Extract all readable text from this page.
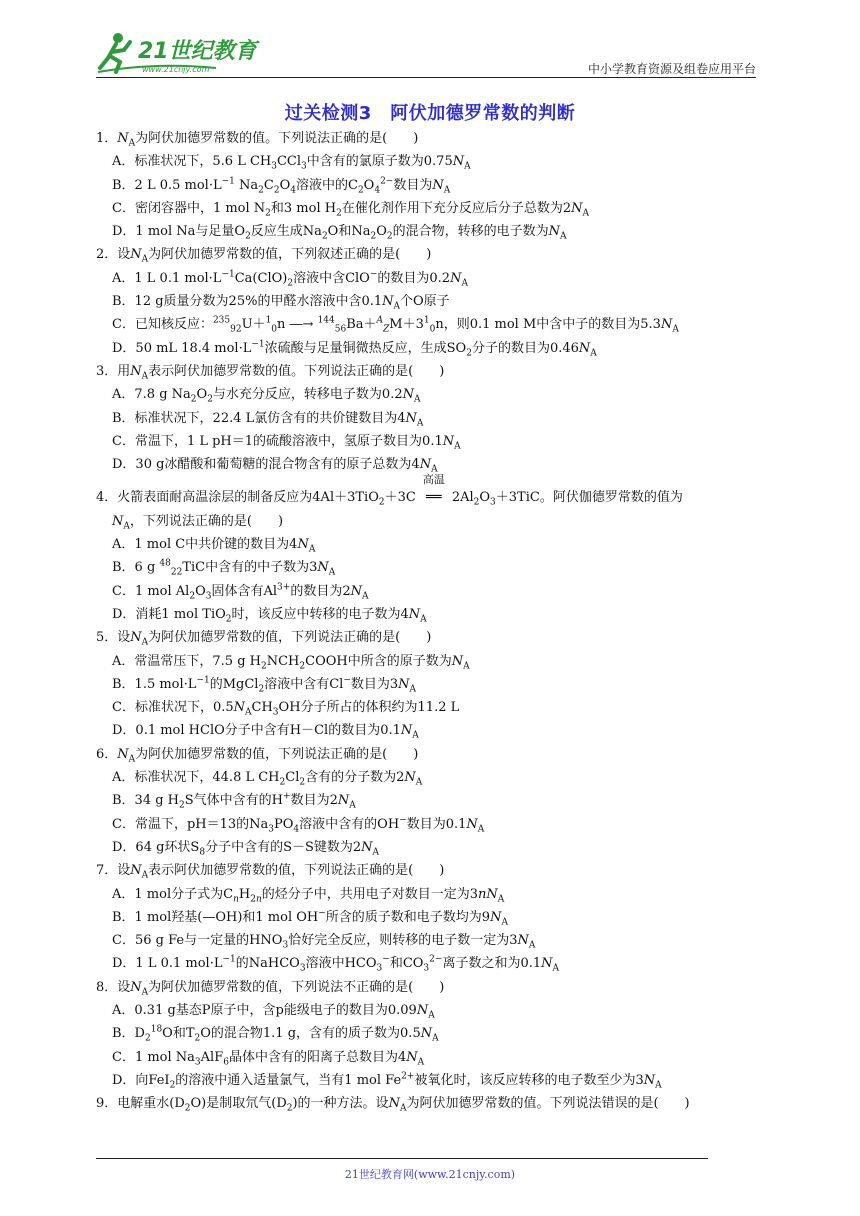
21世纪教育
www.21cnjy.com	中小学教育资源及组卷应用平台
过关检测3　阿伏加德罗常数的判断

1．$N_A$为阿伏加德罗常数的值。下列说法正确的是(　　)

A．标准状况下，5.6 L $CH_3CCl_3$中含有的氯原子数为$0.75N_A$

B．2 L 0.5 $mol\cdot L^{-1}$ $Na_2C_2O_4$溶液中的$C_2O_4^{2-}$数目为$N_A$

C．密闭容器中，1 mol $N_2$和3 mol $H_2$在催化剂作用下充分反应后分子总数为$2N_A$

D．1 mol Na与足量$O_2$反应生成$Na_2O$和$Na_2O_2$的混合物，转移的电子数为$N_A$

2．设$N_A$为阿伏加德罗常数的值，下列叙述正确的是(　　)

A．1 L 0.1 $mol\cdot L^{-1}Ca(ClO)_2$溶液中含ClO−的数目为$0.2N_A$

B．12 g质量分数为25%的甲醛水溶液中含$0.1N_A$个O原子

C．已知核反应：$^{235}_{92}$U＋$^1_0$n ―→ $^{144}_{56}Ba+^A_ZM+3^1_0n$，则0.1 mol M中含中子的数目为$5.3N_A$

D．50 mL 18.4 $mol\cdot L^{-1}$浓硫酸与足量铜微热反应，生成$SO_2$分子的数目为$0.46N_A$

3．用$N_A$表示阿伏加德罗常数的值。下列说法正确的是(　　)

A．7.8 g $Na_2O_2$与水充分反应，转移电子数为$0.2N_A$

B．标准状况下，22.4 L氯仿含有的共价键数目为$4N_A$

C．常温下，1 L pH＝1的硫酸溶液中，氢原子数目为$0.1N_A$

D．30 g冰醋酸和葡萄糖的混合物含有的原子总数为$4N_A$

4．火箭表面耐高温涂层的制备反应为4Al＋3TiO$_2$＋3C
高温
══ $2Al_2O_3+3TiC$。阿伏伽德罗常数的值为

$N_A$，下列说法正确的是(　　)

A．1 mol C中共价键的数目为$4N_A$

B．6 g $^{48}_{22}$TiC中含有的中子数为$3N_A$

C．1 mol $Al_2O_3$固体含有$Al^{3+}$的数目为$2N_A$

D．消耗1 mol TiO$_2$时，该反应中转移的电子数为$4N_A$

5．设$N_A$为阿伏加德罗常数的值，下列说法正确的是(　　)

A．常温常压下，7.5 g $H_2NCH_2COOH$中所含的原子数为$N_A$

B．1.5 $mol\cdot L^{-1}$的MgCl$_2$溶液中含有Cl−数目为$3N_A$

C．标准状况下，$0.5N_ACH_3OH$分子所占的体积约为11.2 L

D．0.1 mol HClO分子中含有H－Cl的数目为$0.1N_A$

6．$N_A$为阿伏加德罗常数的值，下列说法正确的是(　　)

A．标准状况下，44.8 L $CH_2Cl_2$含有的分子数为$2N_A$

B．34 g $H_2S$气体中含有的H+数目为$2N_A$

C．常温下，pH＝13的$Na_3PO_4$溶液中含有的OH−数目为$0.1N_A$

D．64 g环状$S_8$分子中含有的S－S键数为$2N_A$

7．设$N_A$表示阿伏加德罗常数的值，下列说法正确的是(　　)

A．1 mol分子式为$C_nH_{2n}$的烃分子中，共用电子对数目一定为$3nN_A$

B．1 mol羟基(—OH)和1 mol OH−所含的质子数和电子数均为$9N_A$

C．56 g Fe与一定量的$HNO_3$恰好完全反应，则转移的电子数一定为$3N_A$

D．1 L 0.1 $mol\cdot L^{-1}$的NaHCO$_3$溶液中$HCO_3^-$和$CO_3^{2-}$离子数之和为$0.1N_A$

8．设$N_A$为阿伏加德罗常数的值，下列说法不正确的是(　　)

A．0.31 g基态P原子中，含p能级电子的数目为$0.09N_A$

B．$D_2^{18}O$和$T_2O$的混合物1.1 g，含有的质子数为$0.5N_A$

C．1 mol $Na_3AlF_6$晶体中含有的阳离子总数目为$4N_A$

D．向FeI$_2$的溶液中通入适量氯气，当有1 mol $Fe^{2+}$被氧化时，该反应转移的电子数至少为$3N_A$

9．电解重水$(D_2O)$是制取氘气$(D_2)$的一种方法。设$N_A$为阿伏加德罗常数的值。下列说法错误的是(　　)

21世纪教育网(www.21cnjy.com)
